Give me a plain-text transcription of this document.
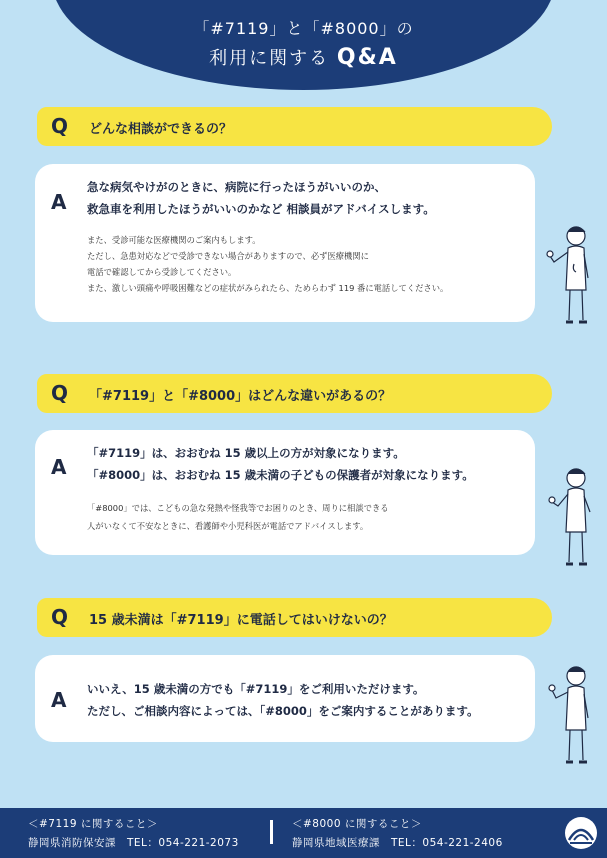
「#7119」と「#8000」の
利用に関する Q&A
Q どんな相談ができるの？
A
急な病気やけがのときに、病院に行ったほうがいいのか、
救急車を利用したほうがいいのかなど 相談員がアドバイスします。
また、受診可能な医療機関のご案内もします。
ただし、急患対応などで受診できない場合がありますので、必ず医療機関に
電話で確認してから受診してください。
また、激しい頭痛や呼吸困難などの症状がみられたら、ためらわず 119 番に電話してください。
Q 「#7119」と「#8000」はどんな違いがあるの？
A
「#7119」は、おおむね 15 歳以上の方が対象になります。
「#8000」は、おおむね 15 歳未満の子どもの保護者が対象になります。
「#8000」では、こどもの急な発熱や怪我等でお困りのとき、周りに相談できる
人がいなくて不安なときに、看護師や小児科医が電話でアドバイスします。
Q 15 歳未満は「#7119」に電話してはいけないの？
A いいえ、15 歳未満の方でも「#7119」をご利用いただけます。
ただし、ご相談内容によっては、「#8000」をご案内することがあります。
＜#7119 に関すること＞
静岡県消防保安課　TEL：054-221-2073
＜#8000 に関すること＞
静岡県地域医療課　TEL：054-221-2406
